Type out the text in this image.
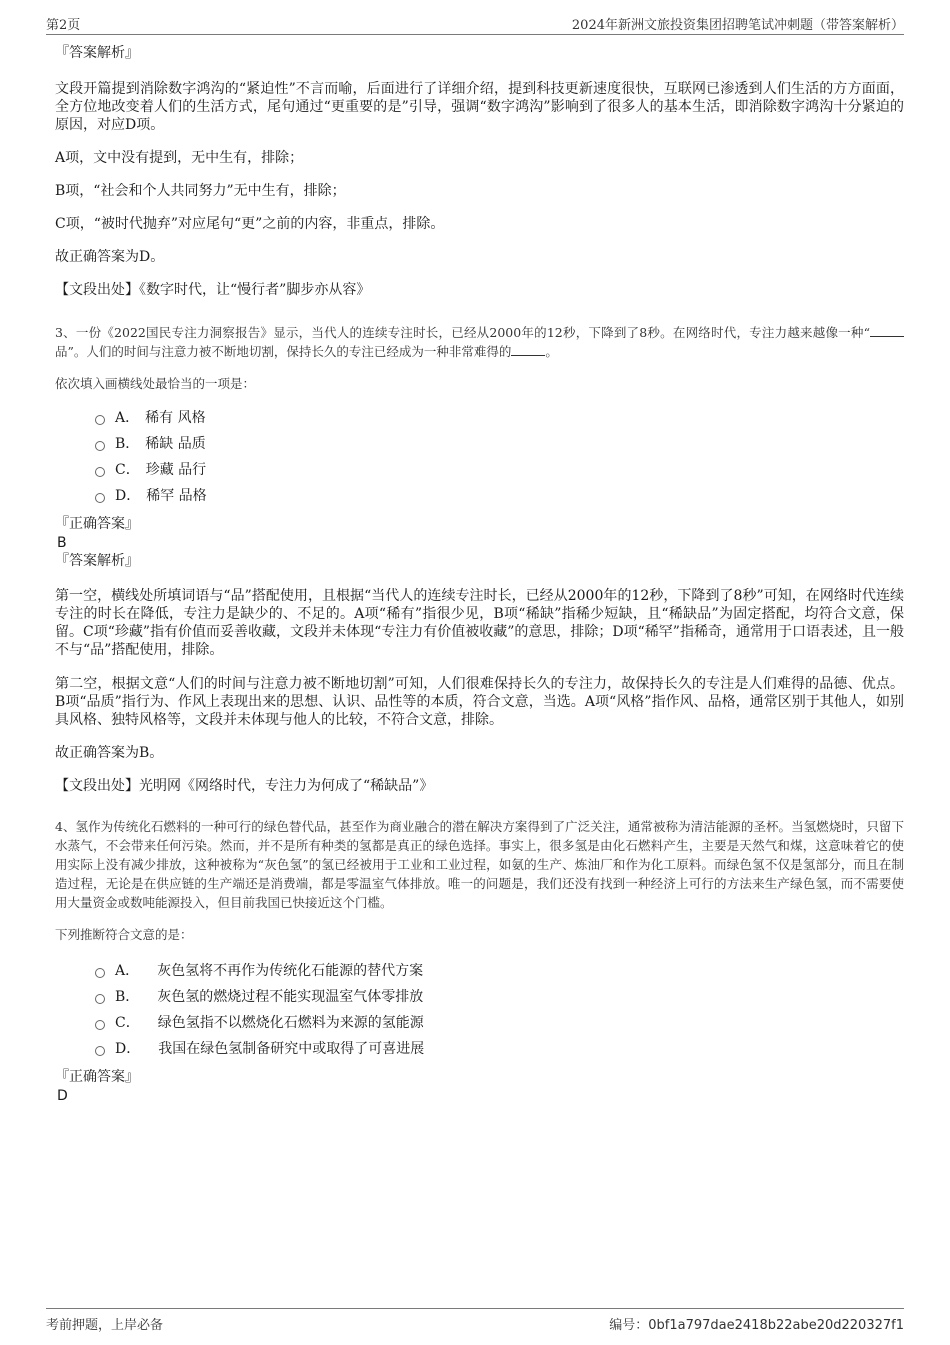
第2页	2024年新洲文旅投资集团招聘笔试冲刺题（带答案解析）

『答案解析』

文段开篇提到消除数字鸿沟的“紧迫性”不言而喻，后面进行了详细介绍，提到科技更新速度很快，互联网已渗透到人们生活的方方面面，全方位地改变着人们的生活方式，尾句通过“更重要的是”引导，强调“数字鸿沟”影响到了很多人的基本生活，即消除数字鸿沟十分紧迫的原因，对应D项。

A项，文中没有提到，无中生有，排除；

B项，“社会和个人共同努力”无中生有，排除；

C项，“被时代抛弃”对应尾句“更”之前的内容，非重点，排除。

故正确答案为D。

【文段出处】《数字时代，让“慢行者”脚步亦从容》

3、一份《2022国民专注力洞察报告》显示，当代人的连续专注时长，已经从2000年的12秒，下降到了8秒。在网络时代，专注力越来越像一种“品”。人们的时间与注意力被不断地切割，保持长久的专注已经成为一种非常难得的	。

依次填入画横线处最恰当的一项是：

A． 稀有 风格
B． 稀缺 品质
C． 珍藏 品行
D． 稀罕 品格

『正确答案』

B

『答案解析』

第一空，横线处所填词语与“品”搭配使用，且根据“当代人的连续专注时长，已经从2000年的12秒，下降到了8秒”可知，在网络时代连续专注的时长在降低，专注力是缺少的、不足的。A项“稀有”指很少见，B项“稀缺”指稀少短缺，且“稀缺品”为固定搭配，均符合文意，保留。C项“珍藏”指有价值而妥善收藏，文段并未体现“专注力有价值被收藏”的意思，排除；D项“稀罕”指稀奇，通常用于口语表述，且一般不与“品”搭配使用，排除。

第二空，根据文意“人们的时间与注意力被不断地切割”可知，人们很难保持长久的专注力，故保持长久的专注是人们难得的品德、优点。B项“品质”指行为、作风上表现出来的思想、认识、品性等的本质，符合文意，当选。A项“风格”指作风、品格，通常区别于其他人，如别具风格、独特风格等，文段并未体现与他人的比较，不符合文意，排除。

故正确答案为B。

【文段出处】光明网《网络时代，专注力为何成了“稀缺品”》

4、氢作为传统化石燃料的一种可行的绿色替代品，甚至作为商业融合的潜在解决方案得到了广泛关注，通常被称为清洁能源的圣杯。当氢燃烧时，只留下水蒸气，不会带来任何污染。然而，并不是所有种类的氢都是真正的绿色选择。事实上，很多氢是由化石燃料产生，主要是天然气和煤，这意味着它的使用实际上没有减少排放，这种被称为“灰色氢”的氢已经被用于工业和工业过程，如氨的生产、炼油厂和作为化工原料。而绿色氢不仅是氢部分，而且在制造过程，无论是在供应链的生产端还是消费端，都是零温室气体排放。唯一的问题是，我们还没有找到一种经济上可行的方法来生产绿色氢，而不需要使用大量资金或数吨能源投入，但目前我国已快接近这个门槛。

下列推断符合文意的是：

A． 灰色氢将不再作为传统化石能源的替代方案
B． 灰色氢的燃烧过程不能实现温室气体零排放
C． 绿色氢指不以燃烧化石燃料为来源的氢能源
D． 我国在绿色氢制备研究中或取得了可喜进展

『正确答案』

D

考前押题，上岸必备	编号：0bf1a797dae2418b22abe20d220327f1
